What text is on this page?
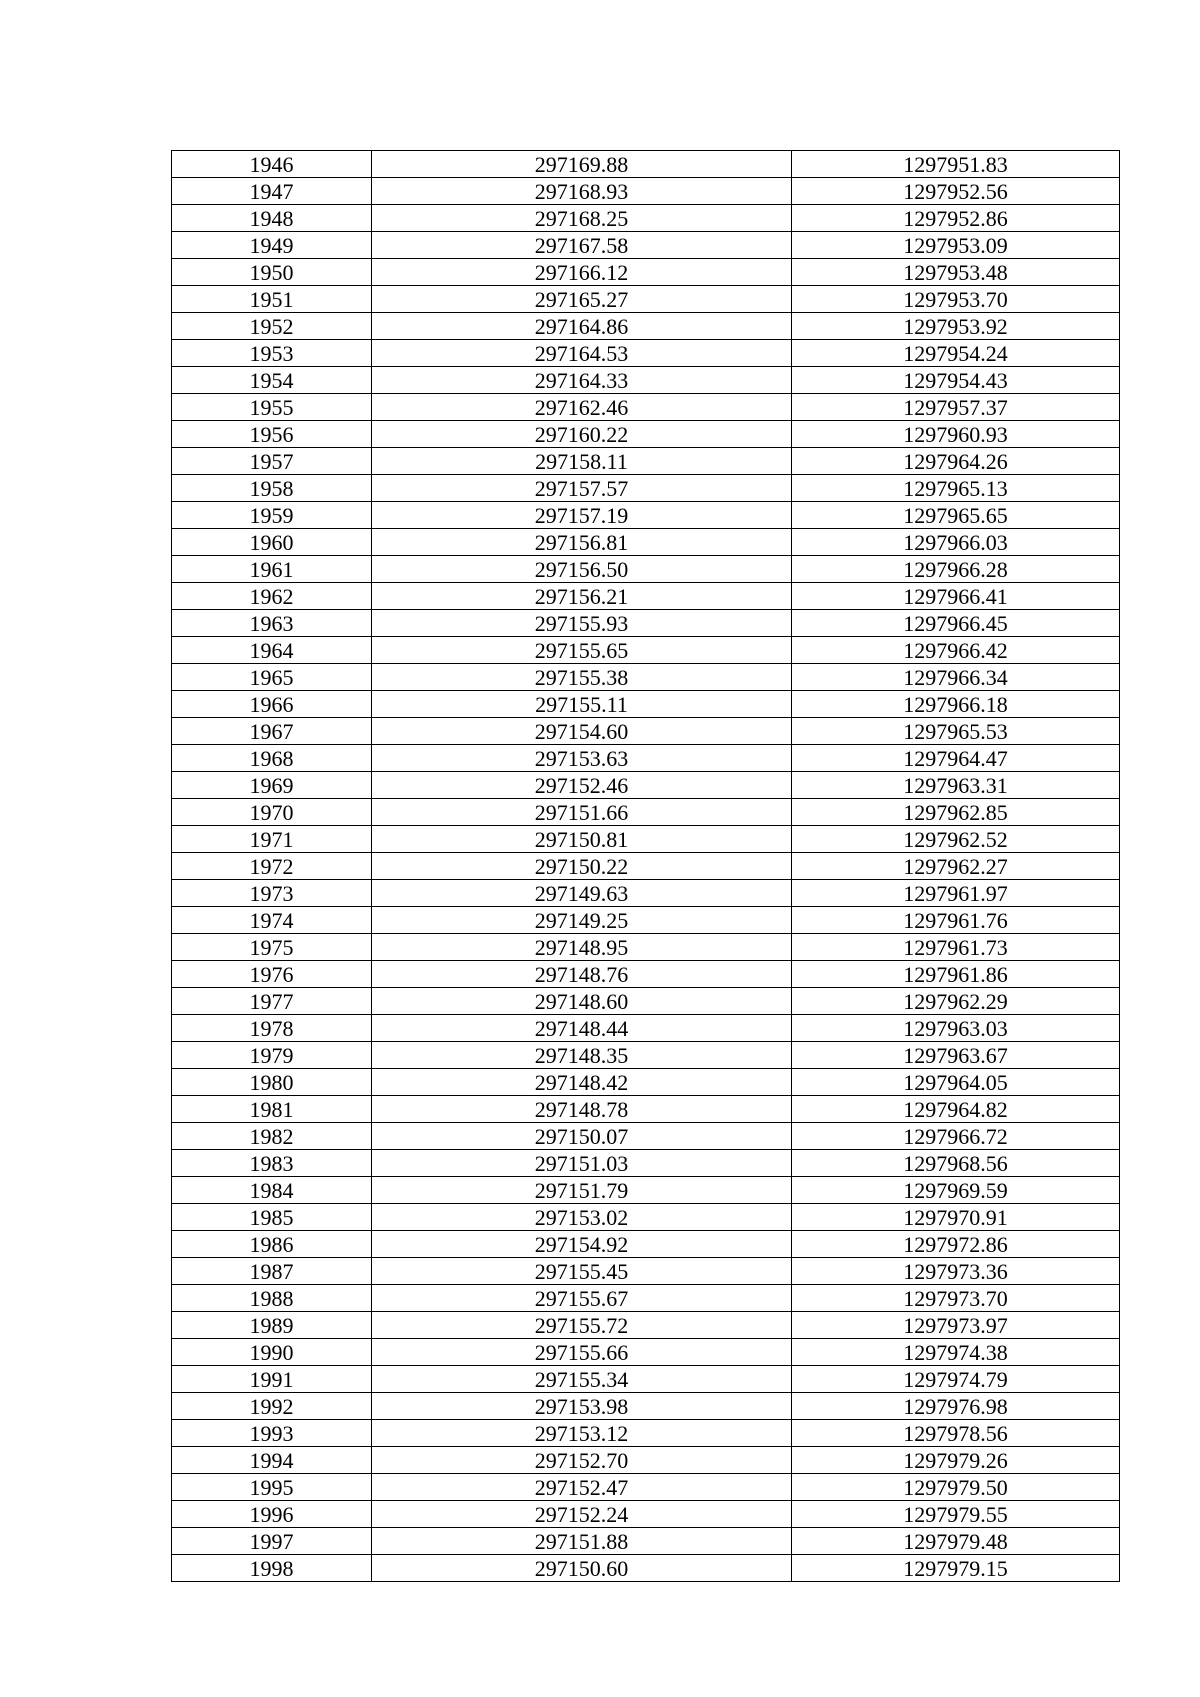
1946	297169.88	1297951.83
1947	297168.93	1297952.56
1948	297168.25	1297952.86
1949	297167.58	1297953.09
1950	297166.12	1297953.48
1951	297165.27	1297953.70
1952	297164.86	1297953.92
1953	297164.53	1297954.24
1954	297164.33	1297954.43
1955	297162.46	1297957.37
1956	297160.22	1297960.93
1957	297158.11	1297964.26
1958	297157.57	1297965.13
1959	297157.19	1297965.65
1960	297156.81	1297966.03
1961	297156.50	1297966.28
1962	297156.21	1297966.41
1963	297155.93	1297966.45
1964	297155.65	1297966.42
1965	297155.38	1297966.34
1966	297155.11	1297966.18
1967	297154.60	1297965.53
1968	297153.63	1297964.47
1969	297152.46	1297963.31
1970	297151.66	1297962.85
1971	297150.81	1297962.52
1972	297150.22	1297962.27
1973	297149.63	1297961.97
1974	297149.25	1297961.76
1975	297148.95	1297961.73
1976	297148.76	1297961.86
1977	297148.60	1297962.29
1978	297148.44	1297963.03
1979	297148.35	1297963.67
1980	297148.42	1297964.05
1981	297148.78	1297964.82
1982	297150.07	1297966.72
1983	297151.03	1297968.56
1984	297151.79	1297969.59
1985	297153.02	1297970.91
1986	297154.92	1297972.86
1987	297155.45	1297973.36
1988	297155.67	1297973.70
1989	297155.72	1297973.97
1990	297155.66	1297974.38
1991	297155.34	1297974.79
1992	297153.98	1297976.98
1993	297153.12	1297978.56
1994	297152.70	1297979.26
1995	297152.47	1297979.50
1996	297152.24	1297979.55
1997	297151.88	1297979.48
1998	297150.60	1297979.15
